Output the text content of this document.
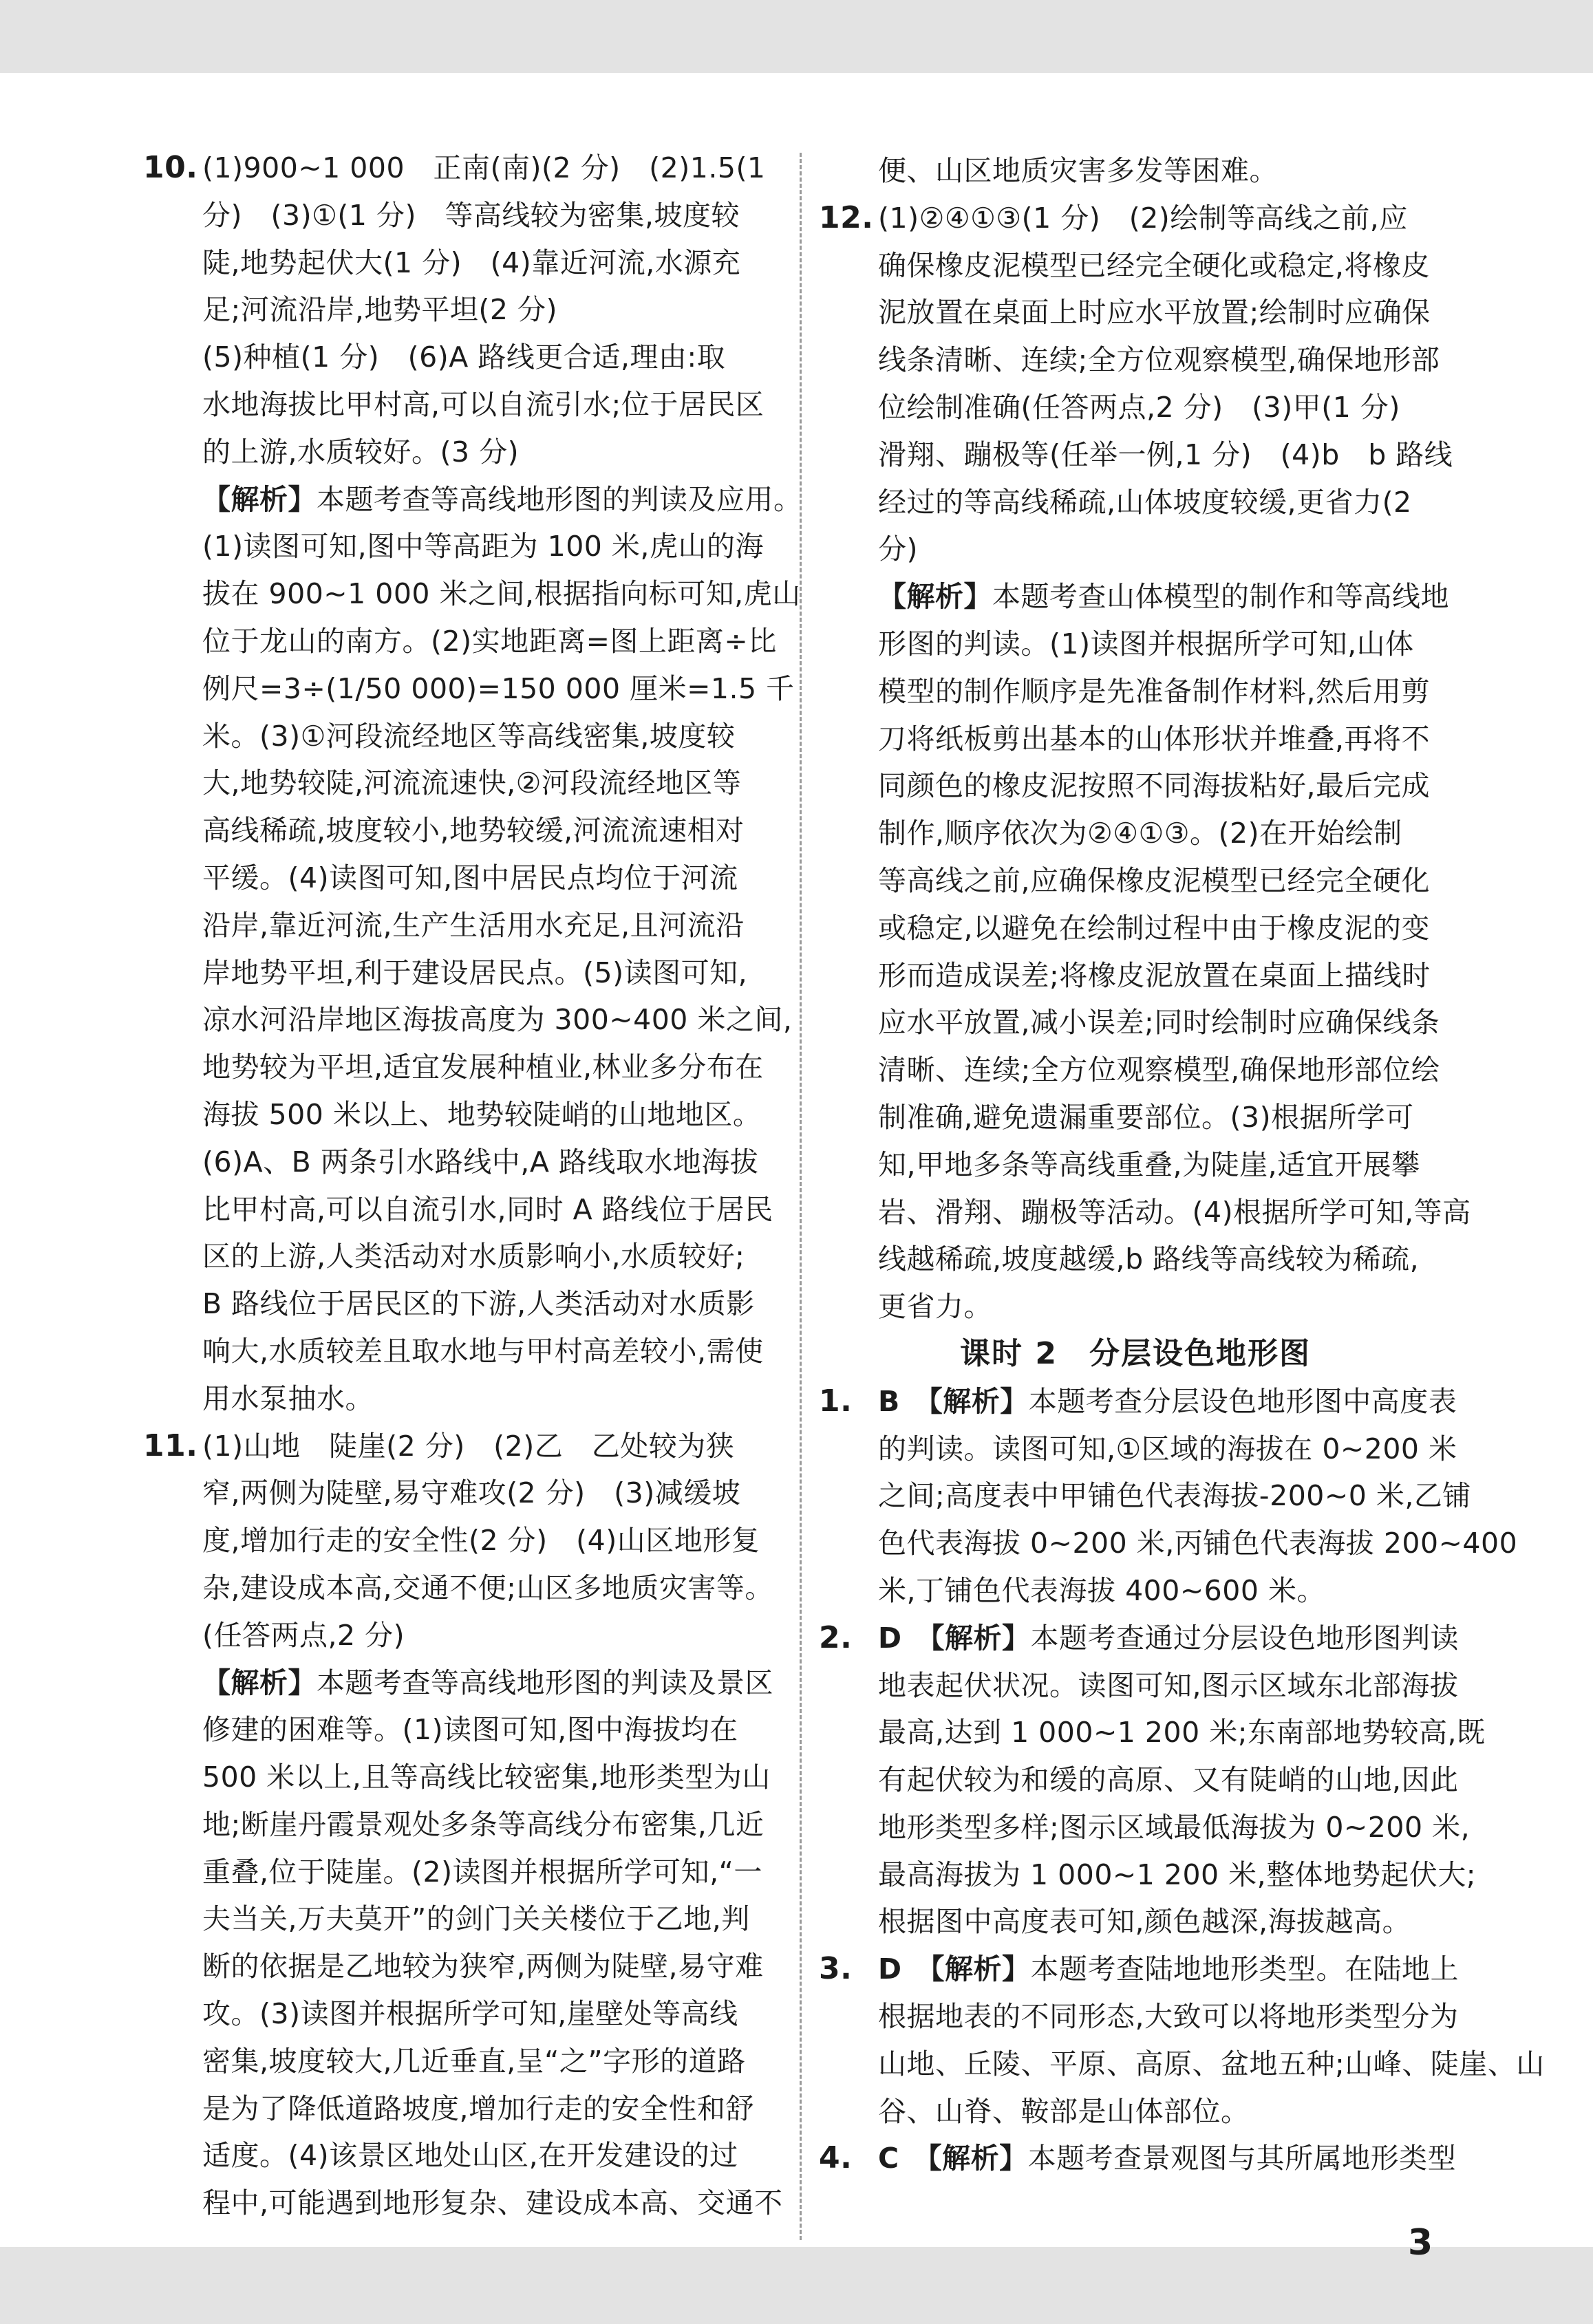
10. (1)900~1 000　正南(南)(2 分)　(2)1.5(1
分)　(3)①(1 分)　等高线较为密集,坡度较
陡,地势起伏大(1 分)　(4)靠近河流,水源充
足;河流沿岸,地势平坦(2 分)
(5)种植(1 分)　(6)A 路线更合适,理由:取
水地海拔比甲村高,可以自流引水;位于居民区
的上游,水质较好。(3 分)
【解析】本题考查等高线地形图的判读及应用。
(1)读图可知,图中等高距为 100 米,虎山的海
拔在 900~1 000 米之间,根据指向标可知,虎山
位于龙山的南方。(2)实地距离=图上距离÷比
例尺=3÷(1/50 000)=150 000 厘米=1.5 千
米。(3)①河段流经地区等高线密集,坡度较
大,地势较陡,河流流速快,②河段流经地区等
高线稀疏,坡度较小,地势较缓,河流流速相对
平缓。(4)读图可知,图中居民点均位于河流
沿岸,靠近河流,生产生活用水充足,且河流沿
岸地势平坦,利于建设居民点。(5)读图可知,
凉水河沿岸地区海拔高度为 300~400 米之间,
地势较为平坦,适宜发展种植业,林业多分布在
海拔 500 米以上、地势较陡峭的山地地区。
(6)A、B 两条引水路线中,A 路线取水地海拔
比甲村高,可以自流引水,同时 A 路线位于居民
区的上游,人类活动对水质影响小,水质较好;
B 路线位于居民区的下游,人类活动对水质影
响大,水质较差且取水地与甲村高差较小,需使
用水泵抽水。
11. (1)山地　陡崖(2 分)　(2)乙　乙处较为狭
窄,两侧为陡壁,易守难攻(2 分)　(3)减缓坡
度,增加行走的安全性(2 分)　(4)山区地形复
杂,建设成本高,交通不便;山区多地质灾害等。
(任答两点,2 分)
【解析】本题考查等高线地形图的判读及景区
修建的困难等。(1)读图可知,图中海拔均在
500 米以上,且等高线比较密集,地形类型为山
地;断崖丹霞景观处多条等高线分布密集,几近
重叠,位于陡崖。(2)读图并根据所学可知,“一
夫当关,万夫莫开”的剑门关关楼位于乙地,判
断的依据是乙地较为狭窄,两侧为陡壁,易守难
攻。(3)读图并根据所学可知,崖壁处等高线
密集,坡度较大,几近垂直,呈“之”字形的道路
是为了降低道路坡度,增加行走的安全性和舒
适度。(4)该景区地处山区,在开发建设的过
程中,可能遇到地形复杂、建设成本高、交通不
便、山区地质灾害多发等困难。
12. (1)②④①③(1 分)　(2)绘制等高线之前,应
确保橡皮泥模型已经完全硬化或稳定,将橡皮
泥放置在桌面上时应水平放置;绘制时应确保
线条清晰、连续;全方位观察模型,确保地形部
位绘制准确(任答两点,2 分)　(3)甲(1 分)
滑翔、蹦极等(任举一例,1 分)　(4)b　b 路线
经过的等高线稀疏,山体坡度较缓,更省力(2
分)
【解析】本题考查山体模型的制作和等高线地
形图的判读。(1)读图并根据所学可知,山体
模型的制作顺序是先准备制作材料,然后用剪
刀将纸板剪出基本的山体形状并堆叠,再将不
同颜色的橡皮泥按照不同海拔粘好,最后完成
制作,顺序依次为②④①③。(2)在开始绘制
等高线之前,应确保橡皮泥模型已经完全硬化
或稳定,以避免在绘制过程中由于橡皮泥的变
形而造成误差;将橡皮泥放置在桌面上描线时
应水平放置,减小误差;同时绘制时应确保线条
清晰、连续;全方位观察模型,确保地形部位绘
制准确,避免遗漏重要部位。(3)根据所学可
知,甲地多条等高线重叠,为陡崖,适宜开展攀
岩、滑翔、蹦极等活动。(4)根据所学可知,等高
线越稀疏,坡度越缓,b 路线等高线较为稀疏,
更省力。
课时 2　分层设色地形图
1. B　 【解析】本题考查分层设色地形图中高度表
的判读。读图可知,①区域的海拔在 0~200 米
之间;高度表中甲铺色代表海拔-200~0 米,乙铺
色代表海拔 0~200 米,丙铺色代表海拔 200~400
米,丁铺色代表海拔 400~600 米。
2. D　 【解析】本题考查通过分层设色地形图判读
地表起伏状况。读图可知,图示区域东北部海拔
最高,达到 1 000~1 200 米;东南部地势较高,既
有起伏较为和缓的高原、又有陡峭的山地,因此
地形类型多样;图示区域最低海拔为 0~200 米,
最高海拔为 1 000~1 200 米,整体地势起伏大;
根据图中高度表可知,颜色越深,海拔越高。
3. D　 【解析】本题考查陆地地形类型。在陆地上
根据地表的不同形态,大致可以将地形类型分为
山地、丘陵、平原、高原、盆地五种;山峰、陡崖、山
谷、山脊、鞍部是山体部位。
4. C　 【解析】本题考查景观图与其所属地形类型
3
